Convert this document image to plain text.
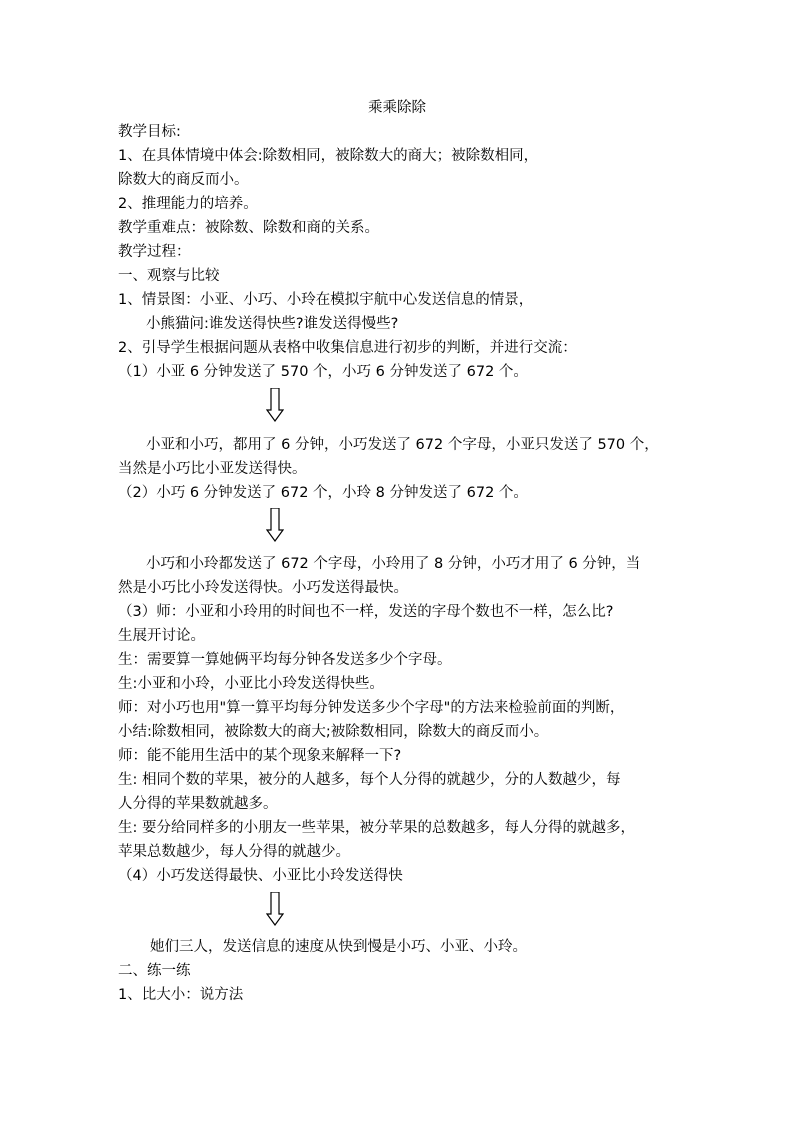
乘乘除除
教学目标:
1、在具体情境中体会:除数相同，被除数大的商大；被除数相同，
除数大的商反而小。
2、推理能力的培养。
教学重难点：被除数、除数和商的关系。
教学过程：
一、观察与比较
1、情景图：小亚、小巧、小玲在模拟宇航中心发送信息的情景，
小熊猫问:谁发送得快些?谁发送得慢些?
2、引导学生根据问题从表格中收集信息进行初步的判断，并进行交流：
（1）小亚 6 分钟发送了 570 个，小巧 6 分钟发送了 672 个。
小亚和小巧，都用了 6 分钟，小巧发送了 672 个字母，小亚只发送了 570 个，
当然是小巧比小亚发送得快。
（2）小巧 6 分钟发送了 672 个，小玲 8 分钟发送了 672 个。
小巧和小玲都发送了 672 个字母，小玲用了 8 分钟，小巧才用了 6 分钟，当
然是小巧比小玲发送得快。小巧发送得最快。
（3）师：小亚和小玲用的时间也不一样，发送的字母个数也不一样，怎么比?
生展开讨论。
生：需要算一算她俩平均每分钟各发送多少个字母。
生:小亚和小玲，小亚比小玲发送得快些。
师：对小巧也用"算一算平均每分钟发送多少个字母"的方法来检验前面的判断，
小结:除数相同，被除数大的商大;被除数相同，除数大的商反而小。
师：能不能用生活中的某个现象来解释一下?
生: 相同个数的苹果，被分的人越多，每个人分得的就越少，分的人数越少，每
人分得的苹果数就越多。
生: 要分给同样多的小朋友一些苹果，被分苹果的总数越多，每人分得的就越多，
苹果总数越少，每人分得的就越少。
（4）小巧发送得最快、小亚比小玲发送得快
她们三人，发送信息的速度从快到慢是小巧、小亚、小玲。
二、练一练
1、比大小：说方法
